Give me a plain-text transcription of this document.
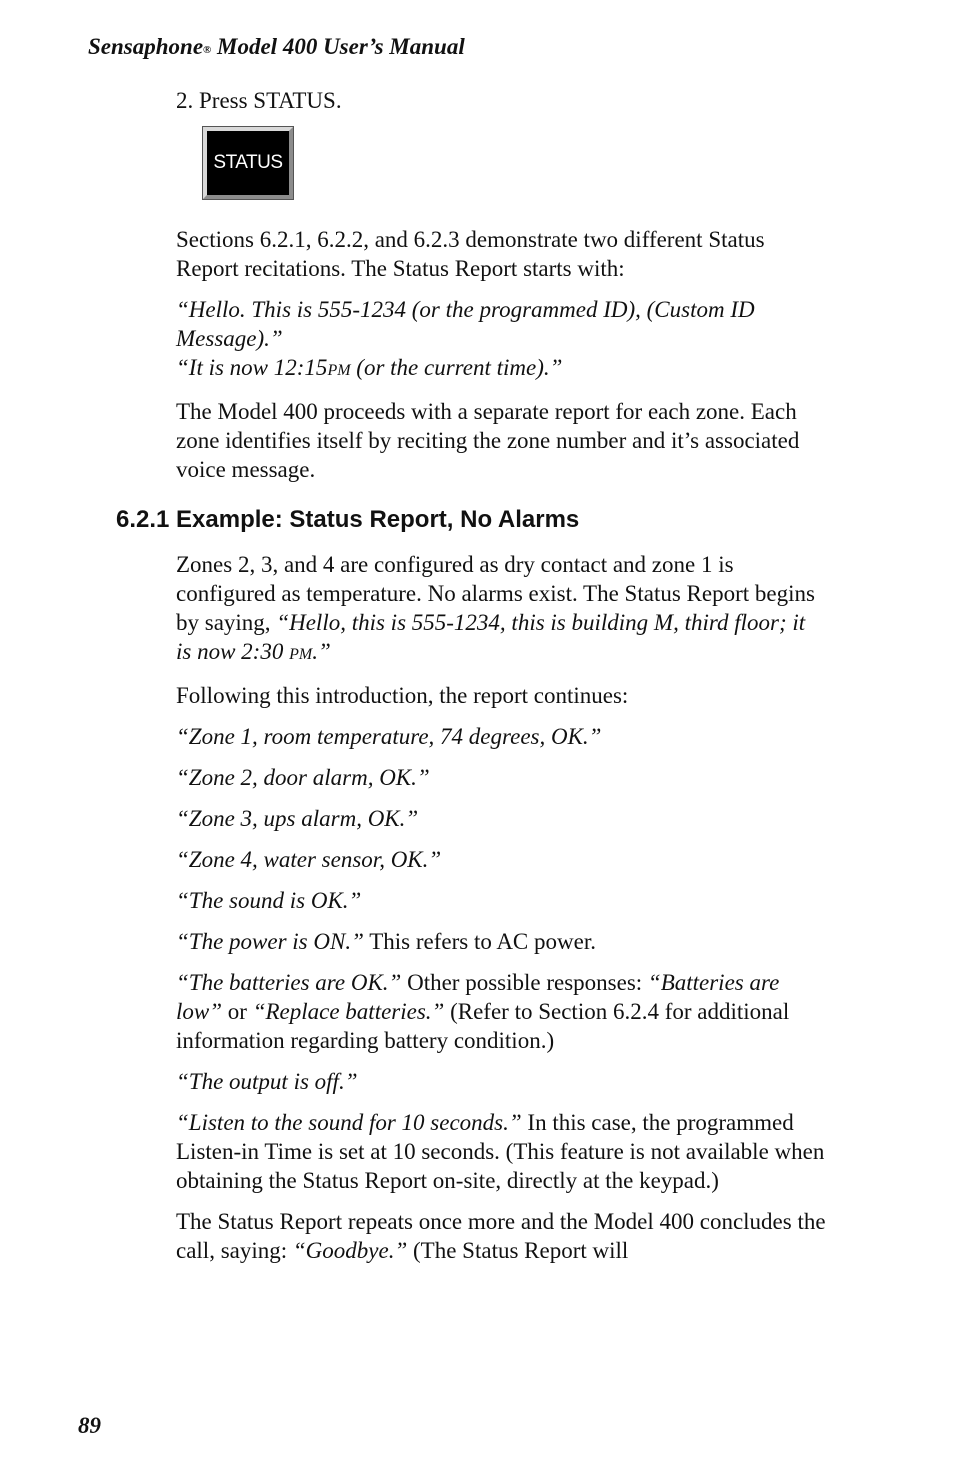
Sensaphone® Model 400 User’s Manual

2. Press STATUS.

STATUS

Sections 6.2.1, 6.2.2, and 6.2.3 demonstrate two different Status Report recitations. The Status Report starts with:

“Hello. This is 555-1234 (or the programmed ID), (Custom ID Message).”
“It is now 12:15PM (or the current time).”

The Model 400 proceeds with a separate report for each zone. Each zone identifies itself by reciting the zone number and it’s associated voice message.

6.2.1 Example: Status Report, No Alarms

Zones 2, 3, and 4 are configured as dry contact and zone 1 is configured as temperature. No alarms exist. The Status Report begins by saying, “Hello, this is 555-1234, this is building M, third floor; it is now 2:30 PM.”

Following this introduction, the report continues:

“Zone 1, room temperature, 74 degrees, OK.”

“Zone 2, door alarm, OK.”

“Zone 3, ups alarm, OK.”

“Zone 4, water sensor, OK.”

“The sound is OK.”

“The power is ON.” This refers to AC power.

“The batteries are OK.” Other possible responses: “Batteries are low” or “Replace batteries.” (Refer to Section 6.2.4 for additional information regarding battery condition.)

“The output is off.”

“Listen to the sound for 10 seconds.” In this case, the programmed Listen-in Time is set at 10 seconds. (This feature is not available when obtaining the Status Report on-site, directly at the keypad.)

The Status Report repeats once more and the Model 400 concludes the call, saying: “Goodbye.” (The Status Report will

89
